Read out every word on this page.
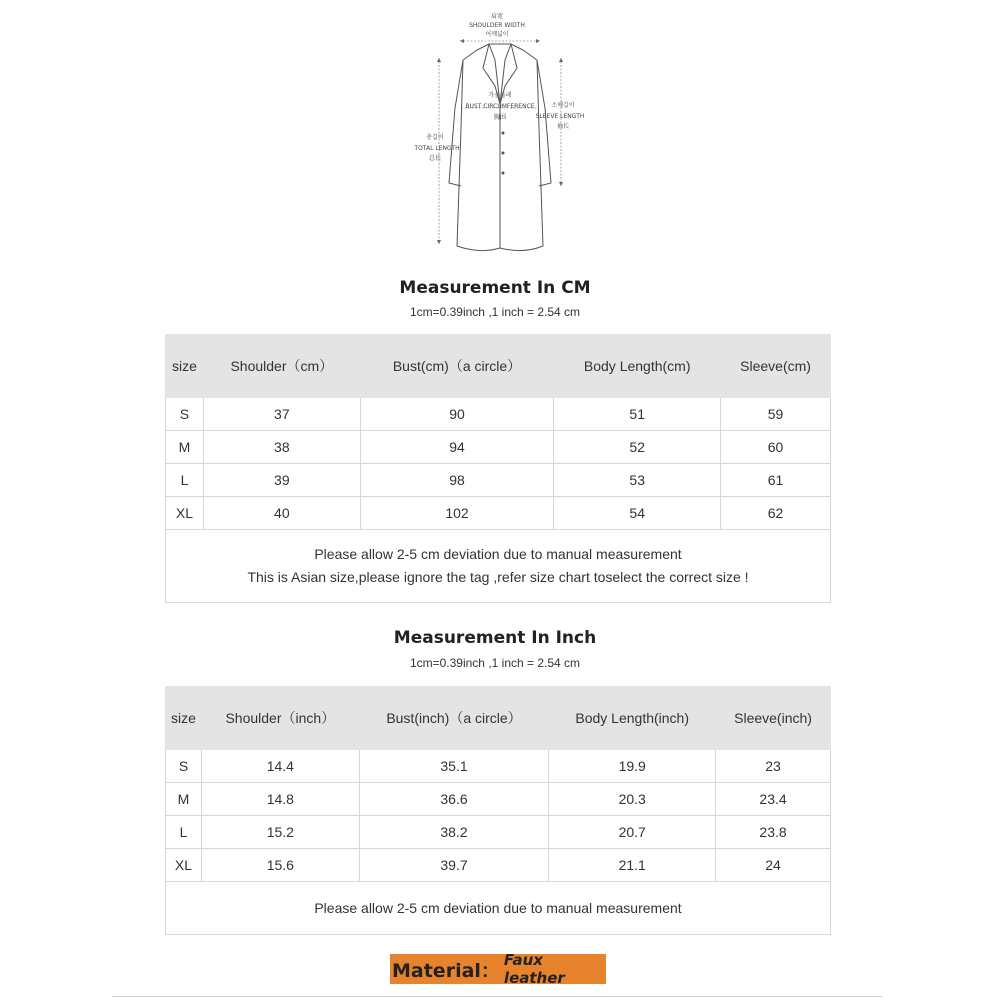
肩宽
SHOULDER WIDTH
어깨넓이
가슴둘레
BUST CIRCUMFERENCE
胸围
소매길이
SLEEVE LENGTH
袖长
총길이
TOTAL LENGTH
总长
Measurement In CM
1cm=0.39inch ,1 inch = 2.54 cm
size	Shoulder（cm）	Bust(cm)（a circle）	Body Length(cm)	Sleeve(cm)
S	37	90	51	59
M	38	94	52	60
L	39	98	53	61
XL	40	102	54	62

Please allow 2-5 cm deviation due to manual measurement
This is Asian size,please ignore the tag ,refer size chart toselect the correct size !				
Measurement In Inch
1cm=0.39inch ,1 inch = 2.54 cm
size	Shoulder（inch）	Bust(inch)（a circle）	Body Length(inch)	Sleeve(inch)
S	14.4	35.1	19.9	23
M	14.8	36.6	20.3	23.4
L	15.2	38.2	20.7	23.8
XL	15.6	39.7	21.1	24
Please allow 2-5 cm deviation due to manual measurement				
Material： Faux leather
